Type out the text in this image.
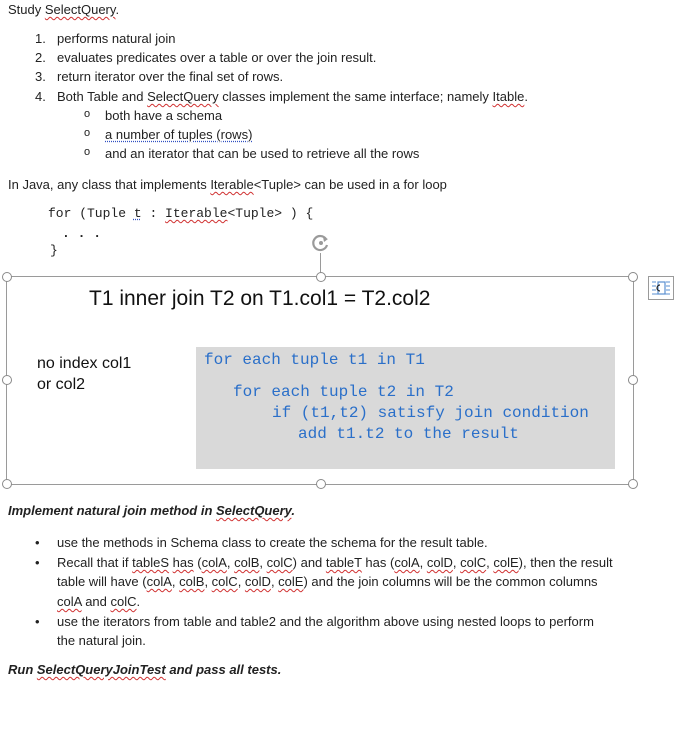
Study SelectQuery.
1. performs natural join
2. evaluates predicates over a table or over the join result.
3. return iterator over the final set of rows.
4. Both Table and SelectQuery classes implement the same interface; namely Itable.
o both have a schema
o a number of tuples (rows)
o and an iterator that can be used to retrieve all the rows
In Java, any class that implements Iterable<Tuple> can be used in a for loop
for (Tuple t : Iterable<Tuple> ) {
. . .
}
T1 inner join T2 on T1.col1 = T2.col2
no index col1
or col2
for each tuple t1 in T1
for each tuple t2 in T2
if (t1,t2) satisfy join condition
add t1.t2 to the result
Implement natural join method in SelectQuery.
• use the methods in Schema class to create the schema for the result table.
• Recall that if tableS has (colA, colB, colC) and tableT has (colA, colD, colC, colE), then the result
table will have (colA, colB, colC, colD, colE) and the join columns will be the common columns
colA and colC.
• use the iterators from table and table2 and the algorithm above using nested loops to perform
the natural join.
Run SelectQueryJoinTest and pass all tests.
